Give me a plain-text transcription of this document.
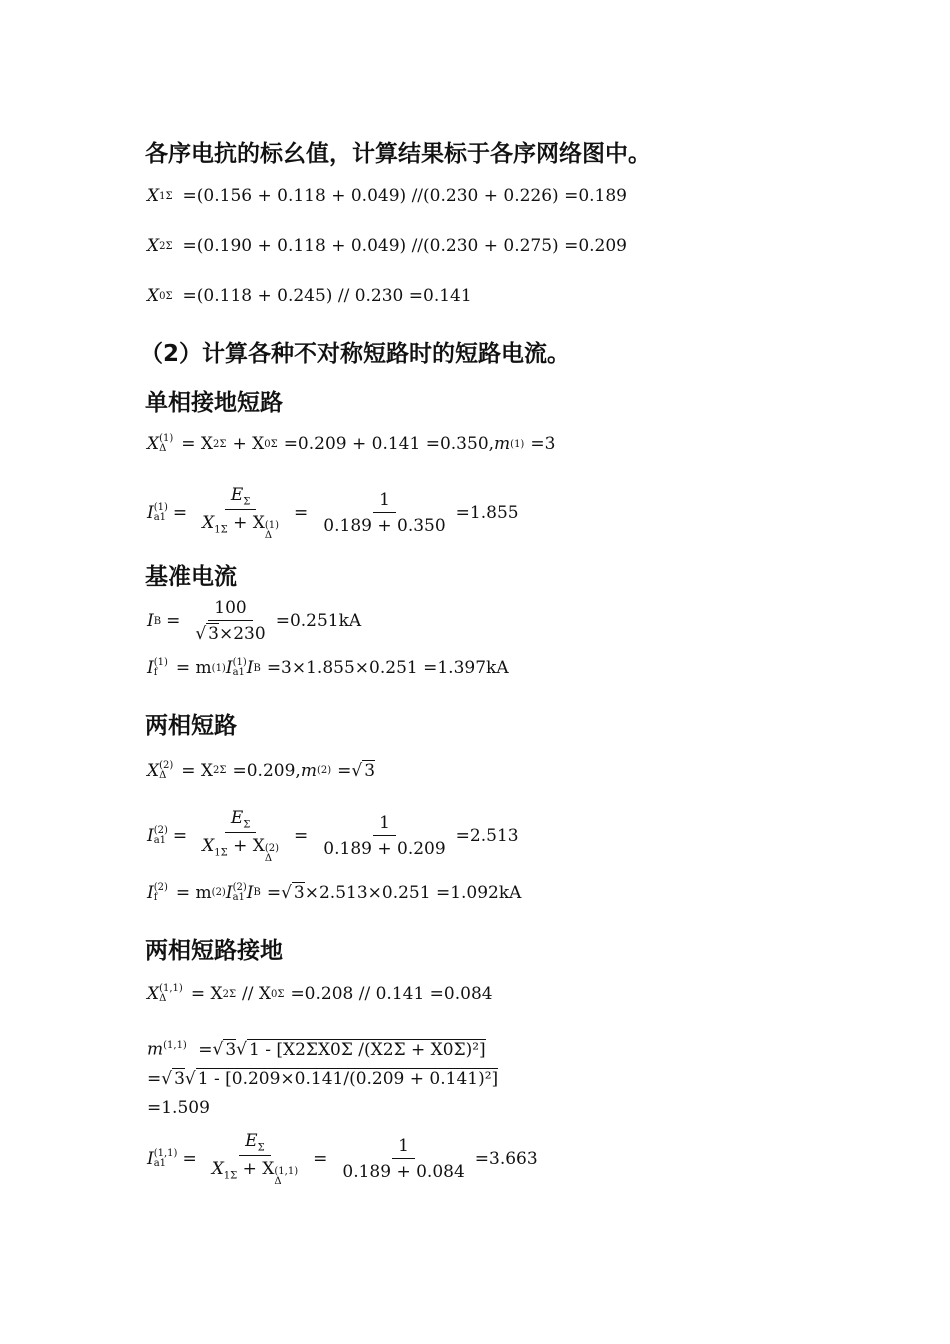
各序电抗的标幺值，计算结果标于各序网络图中。
X 1Σ =(0.156 + 0.118 + 0.049) //(0.230 + 0.226) =0.189
X 2Σ =(0.190 + 0.118 + 0.049) //(0.230 + 0.275) =0.209
X 0Σ =(0.118 + 0.245) // 0.230 =0.141
（2）计算各种不对称短路时的短路电流。
单相接地短路
X (1)
Δ = X 2Σ + X 0Σ =0.209 + 0.141 =0.350, m (1) =3
I (1)
$a1 = E_\Sigma$
$X_{1\Sigma} + X$ (1)
$\Delta = \frac{1}{0.189 + 0.350} =1.855$
基准电流
I $B = \frac{100}{√ 3\times 230} =0.251kA$
I (1)
f	= m (1) I (1)
a1 I B =3×1.855×0.251 =1.397kA
两相短路
X (2)
Δ = X 2Σ =0.209, m (2) = √ 3
I (2)
$a1 = E_\Sigma$
$X_{1\Sigma} + X$ (2)
$\Delta = \frac{1}{0.189 + 0.209} =2.513$
I (2)
f	= m (2) I (2)
a1 I B = √ 3 ×2.513×0.251 =1.092kA
两相短路接地
X (1,1)
Δ	= X 2Σ // X 0Σ =0.208 // 0.141 =0.084
$m^{(1,1)}$ =√ 3√ 1 - [X2ΣX0Σ /(X2Σ + X0Σ)²]
=√ 3√ 1 - [0.209×0.141/(0.209 + 0.141)²]
=1.509
I (1,1)
$a1 = E_\Sigma$
$X_{1\Sigma} + X$ (1,1)
$\Delta = \frac{1}{0.189 + 0.084} =3.663$
